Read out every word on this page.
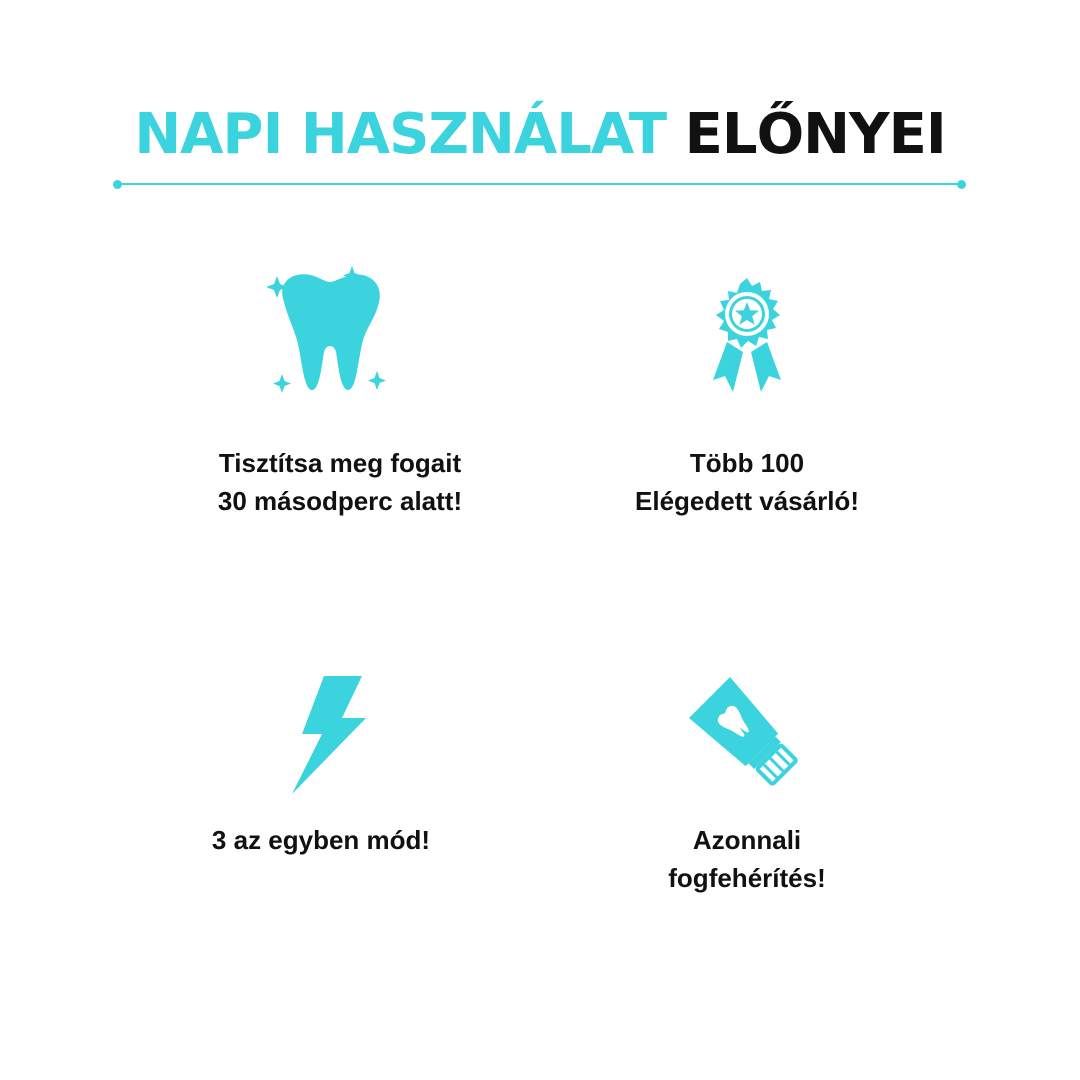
NAPI HASZNÁLAT ELŐNYEI
Tisztítsa meg fogait
30 másodperc alatt!
Több 100
Elégedett vásárló!
3 az egyben mód!	Azonnali
fogfehérítés!
